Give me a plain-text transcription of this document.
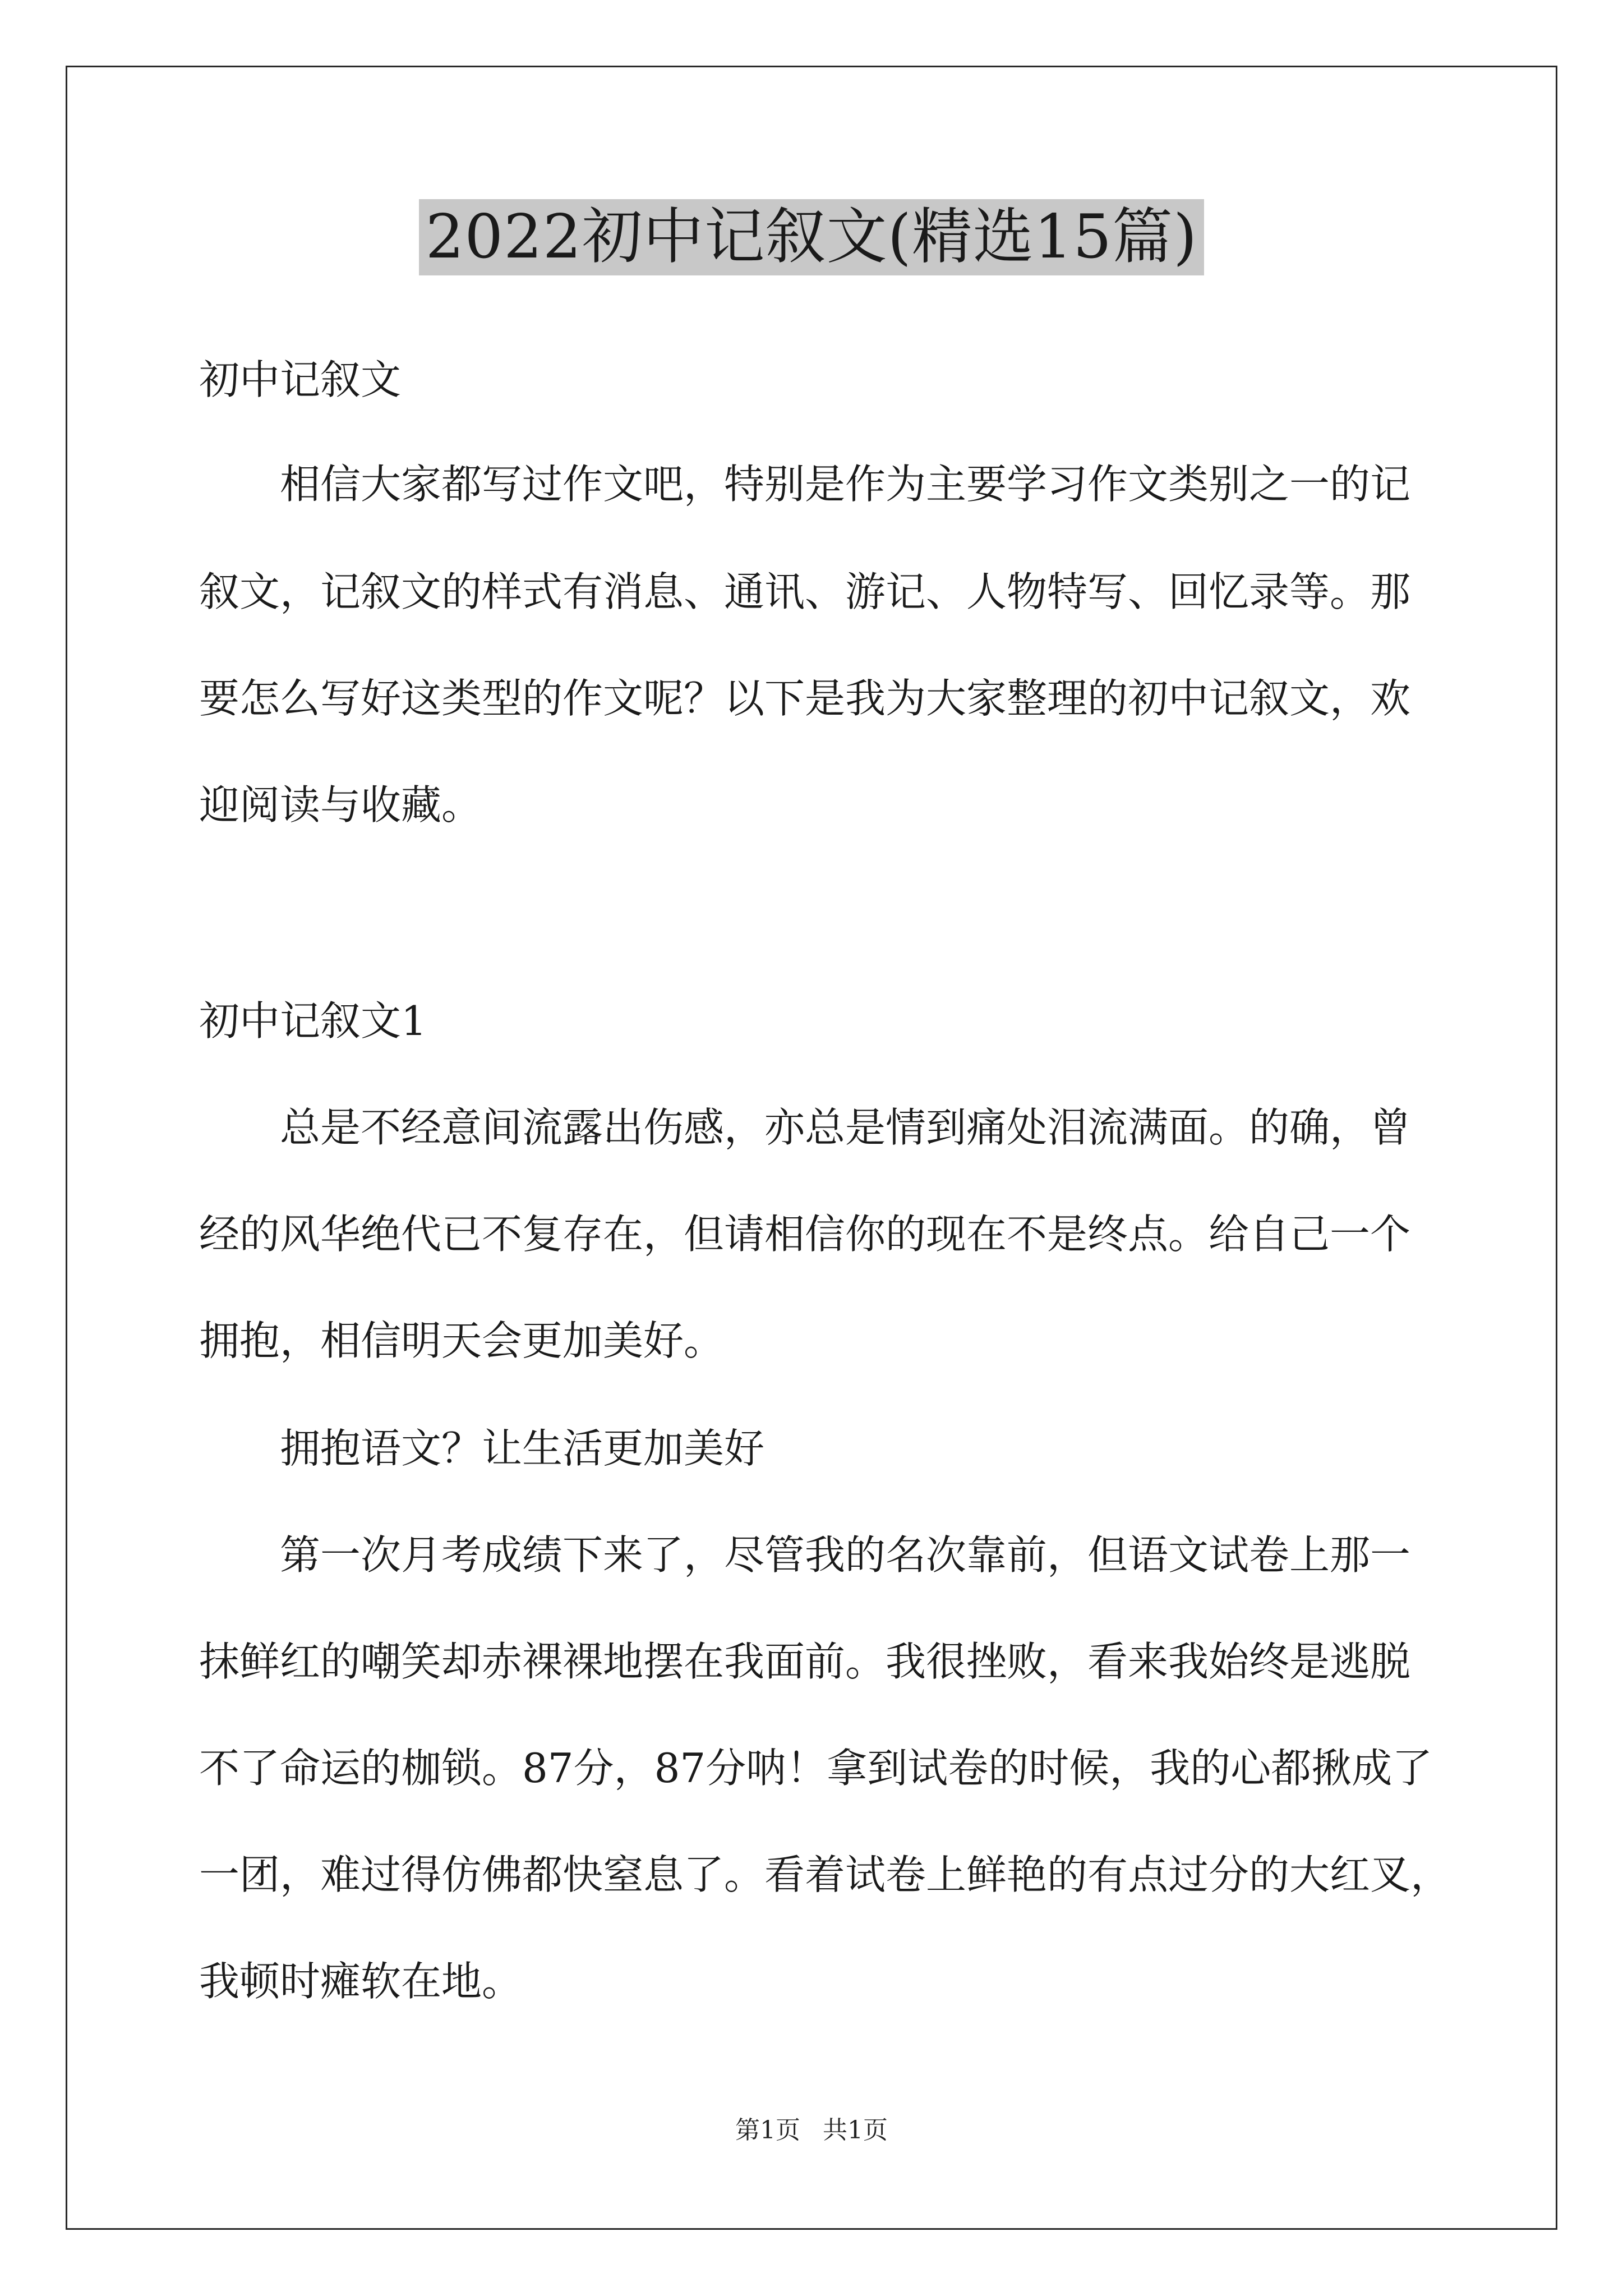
2022初中记叙文(精选15篇)
初中记叙文
相信大家都写过作文吧，特别是作为主要学习作文类别之一的记
叙文，记叙文的样式有消息、通讯、游记、人物特写、回忆录等。那
要怎么写好这类型的作文呢？以下是我为大家整理的初中记叙文，欢
迎阅读与收藏。
初中记叙文1
总是不经意间流露出伤感，亦总是情到痛处泪流满面。的确，曾
经的风华绝代已不复存在，但请相信你的现在不是终点。给自己一个
拥抱，相信明天会更加美好。
拥抱语文？让生活更加美好
第一次月考成绩下来了，尽管我的名次靠前，但语文试卷上那一
抹鲜红的嘲笑却赤裸裸地摆在我面前。我很挫败，看来我始终是逃脱
不了命运的枷锁。87分，87分呐！拿到试卷的时候，我的心都揪成了
一团，难过得仿佛都快窒息了。看着试卷上鲜艳的有点过分的大红叉，
我顿时瘫软在地。
第1页 共1页
